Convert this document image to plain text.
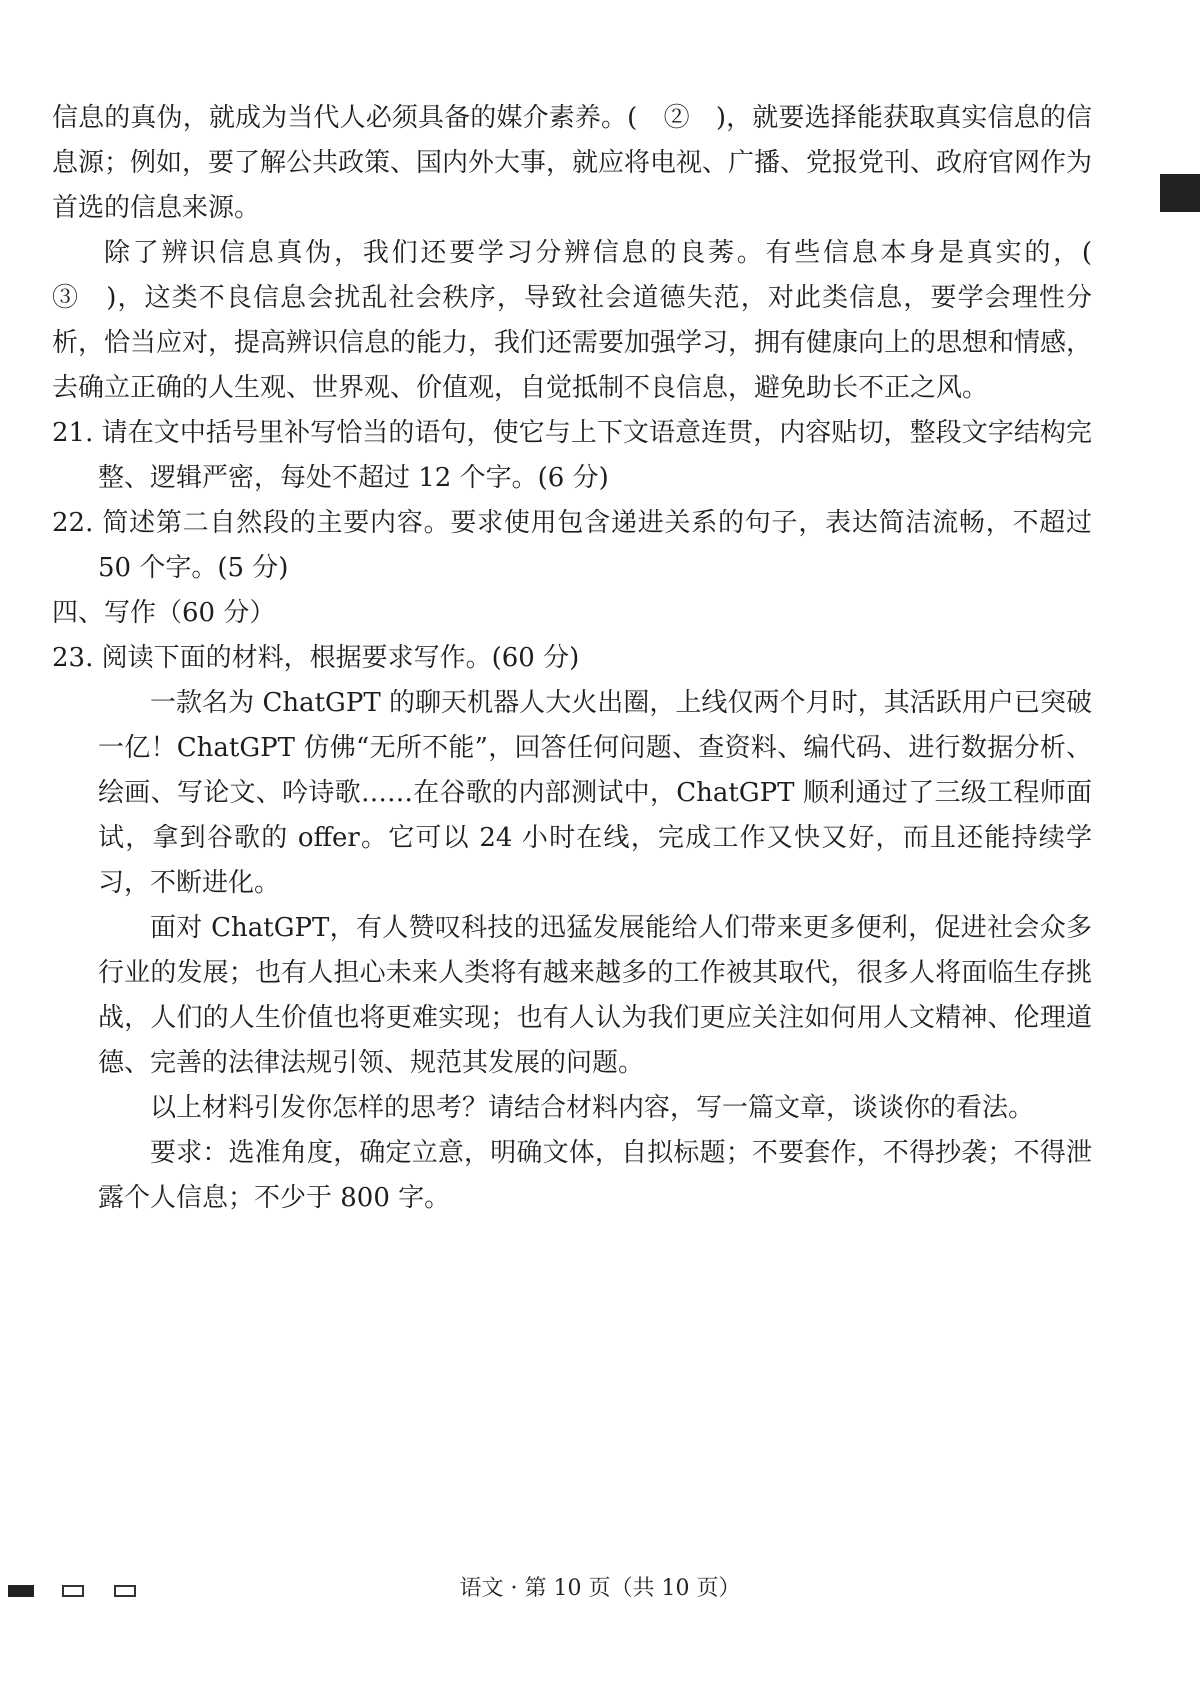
信息的真伪，就成为当代人必须具备的媒介素养。(　②　)，就要选择能获取真实信息的信息源；例如，要了解公共政策、国内外大事，就应将电视、广播、党报党刊、政府官网作为首选的信息来源。

除了辨识信息真伪，我们还要学习分辨信息的良莠。有些信息本身是真实的，(　③　)，这类不良信息会扰乱社会秩序，导致社会道德失范，对此类信息，要学会理性分析，恰当应对，提高辨识信息的能力，我们还需要加强学习，拥有健康向上的思想和情感，去确立正确的人生观、世界观、价值观，自觉抵制不良信息，避免助长不正之风。

21. 请在文中括号里补写恰当的语句，使它与上下文语意连贯，内容贴切，整段文字结构完整、逻辑严密，每处不超过 12 个字。(6 分)

22. 简述第二自然段的主要内容。要求使用包含递进关系的句子，表达简洁流畅，不超过 50 个字。(5 分)

四、写作（60 分）

23. 阅读下面的材料，根据要求写作。(60 分)

一款名为 ChatGPT 的聊天机器人大火出圈，上线仅两个月时，其活跃用户已突破一亿！ChatGPT 仿佛“无所不能”，回答任何问题、查资料、编代码、进行数据分析、绘画、写论文、吟诗歌……在谷歌的内部测试中，ChatGPT 顺利通过了三级工程师面试，拿到谷歌的 offer。它可以 24 小时在线，完成工作又快又好，而且还能持续学习，不断进化。

面对 ChatGPT，有人赞叹科技的迅猛发展能给人们带来更多便利，促进社会众多行业的发展；也有人担心未来人类将有越来越多的工作被其取代，很多人将面临生存挑战，人们的人生价值也将更难实现；也有人认为我们更应关注如何用人文精神、伦理道德、完善的法律法规引领、规范其发展的问题。

以上材料引发你怎样的思考？请结合材料内容，写一篇文章，谈谈你的看法。

要求：选准角度，确定立意，明确文体，自拟标题；不要套作，不得抄袭；不得泄露个人信息；不少于 800 字。

语文 · 第 10 页（共 10 页）
